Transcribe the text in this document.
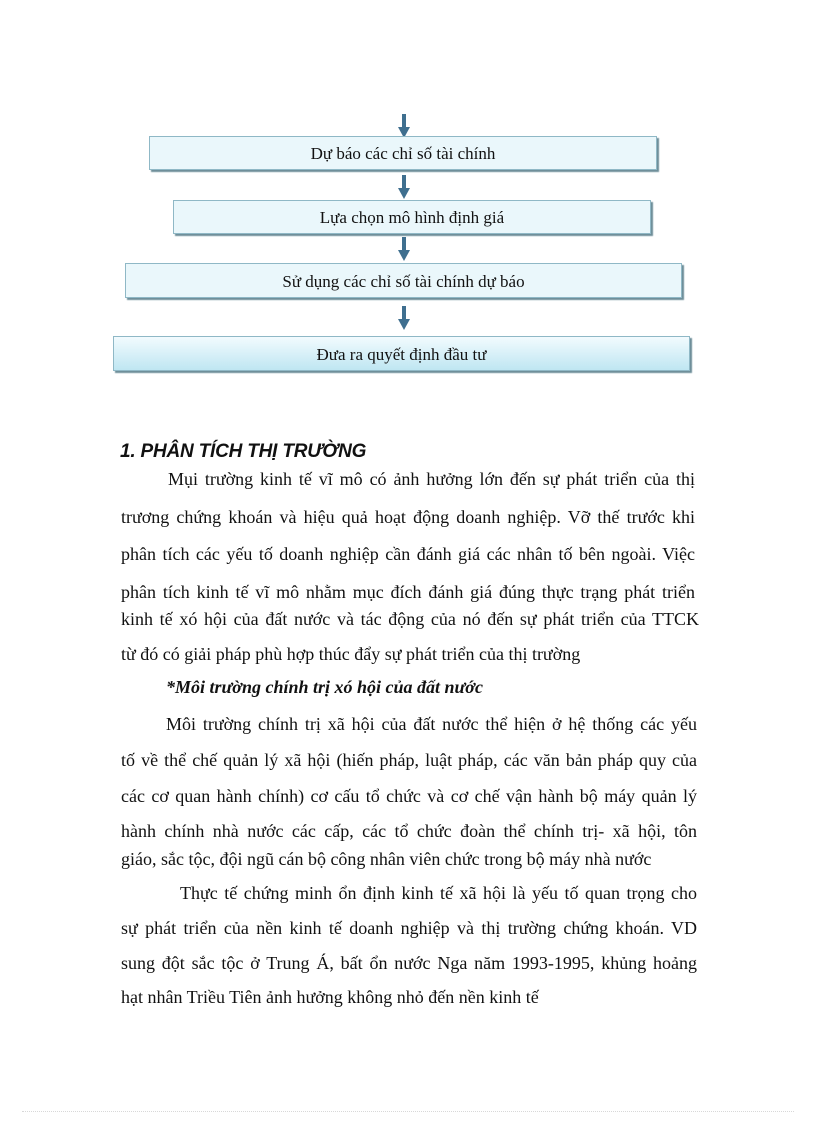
Dự báo các chỉ số tài chính
Lựa chọn mô hình định giá
Sử dụng các chỉ số tài chính dự báo
Đưa ra quyết định đầu tư
1. PHÂN TÍCH THỊ TRƯỜNG
Mụi trường kinh tế vĩ mô có ảnh hưởng lớn đến sự phát triển của thị
trương chứng khoán và hiệu quả hoạt động doanh nghiệp. Vỡ thế trước khi
phân tích các yếu tố doanh nghiệp cần đánh giá các nhân tố bên ngoài. Việc
phân tích kinh tế vĩ mô nhằm mục đích đánh giá đúng thực trạng phát triển
kinh tế xó hội của đất nước và tác động của nó đến sự phát triển của TTCK
từ đó có giải pháp phù hợp thúc đẩy sự phát triển của thị trường
*Môi trường chính trị xó hội của đất nước
Môi trường chính trị xã hội của đất nước thể hiện ở hệ thống các yếu
tố về thể chế quản lý xã hội (hiến pháp, luật pháp, các văn bản pháp quy của
các cơ quan hành chính) cơ cấu tổ chức và cơ chế vận hành bộ máy quản lý
hành chính nhà nước các cấp, các tổ chức đoàn thể chính trị- xã hội, tôn
giáo, sắc tộc, đội ngũ cán bộ công nhân viên chức trong bộ máy nhà nước
Thực tế chứng minh ổn định kinh tế xã hội là yếu tố quan trọng cho
sự phát triển của nền kinh tế doanh nghiệp và thị trường chứng khoán. VD
sung đột sắc tộc ở Trung Á, bất ổn nước Nga năm 1993-1995, khủng hoảng
hạt nhân Triều Tiên ảnh hưởng không nhỏ đến nền kinh tế
